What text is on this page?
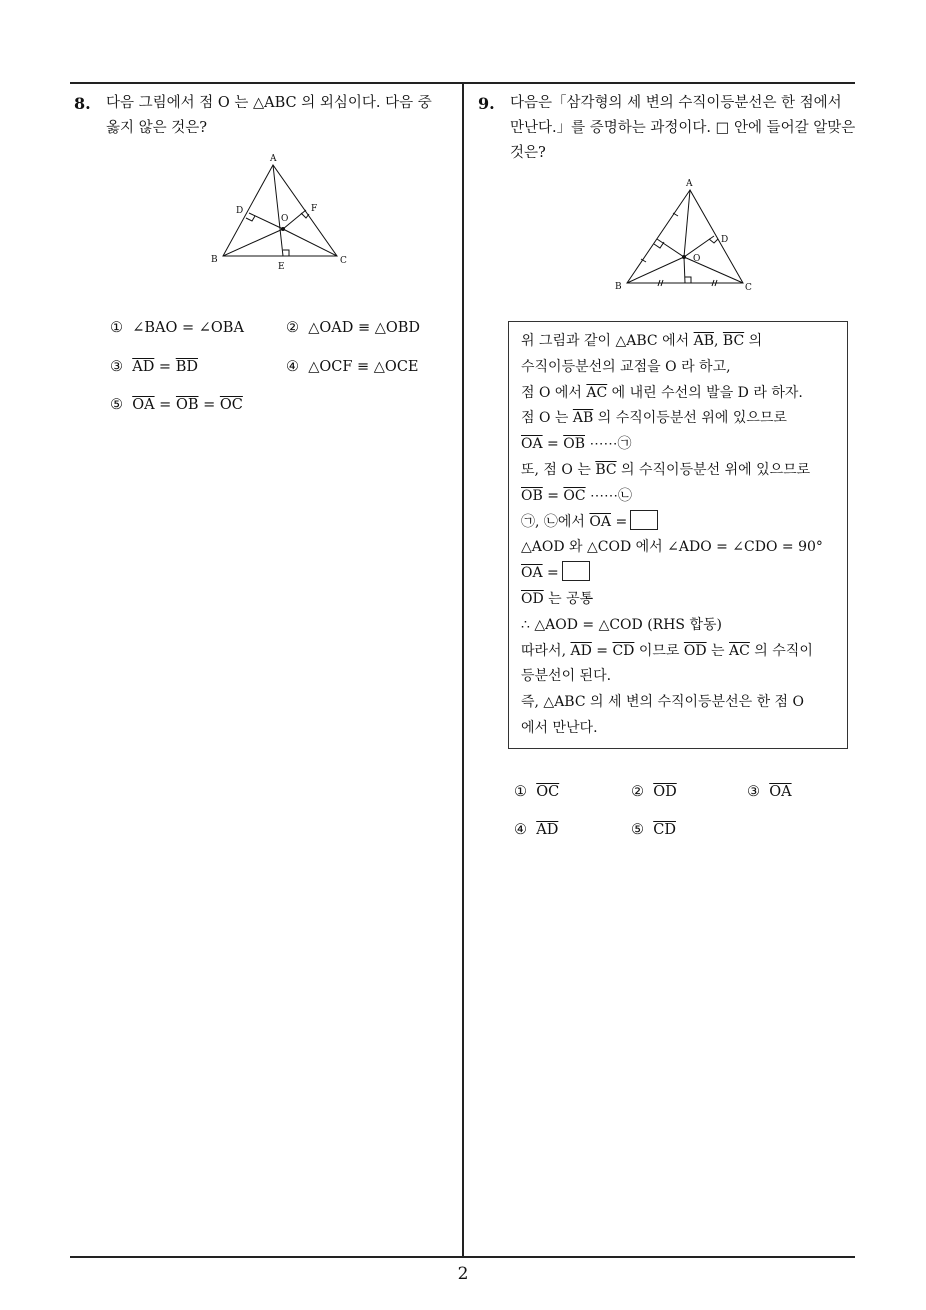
8. 다음 그림에서 점 O 는 △ABC 의 외심이다. 다음 중
옳지 않은 것은?
A
B	C
D
E
F
O
① ∠BAO = ∠OBA	② △OAD ≡ △OBD
③ $\overline{AD} = \overline{BD}$	④ △OCF ≡ △OCE
⑤ $\overline{OA} = \overline{OB} = \overline{OC}$
9. 다음은「삼각형의 세 변의 수직이등분선은 한 점에서
만난다.」를 증명하는 과정이다. □ 안에 들어갈 알맞은
것은?
A
B	C
D
O
위 그림과 같이 △ABC 에서 $\overline{AB}$, $\overline{BC}$ 의
수직이등분선의 교점을 O 라 하고,
점 O 에서 $\overline{AC}$ 에 내린 수선의 발을 D 라 하자.
점 O 는 $\overline{AB}$ 의 수직이등분선 위에 있으므로
$\overline{OA} = \overline{OB}$ ⋯⋯㉠
또, 점 O 는 $\overline{BC}$ 의 수직이등분선 위에 있으므로
$\overline{OB} = \overline{OC}$ ⋯⋯㉡
㉠, ㉡에서 $\overline{OA}$ =
△AOD 와 △COD 에서 ∠ADO = ∠CDO = 90°
$\overline{OA}$ =
$\overline{OD}$ 는 공통
∴ △AOD = △COD (RHS 합동)
따라서, $\overline{AD} = \overline{CD}$ 이므로 $\overline{OD}$ 는 $\overline{AC}$ 의 수직이
등분선이 된다.
즉, △ABC 의 세 변의 수직이등분선은 한 점 O
에서 만난다.
① $\overline{OC}$	② $\overline{OD}$	③ $\overline{OA}$
④ $\overline{AD}$	⑤ $\overline{CD}$
2
